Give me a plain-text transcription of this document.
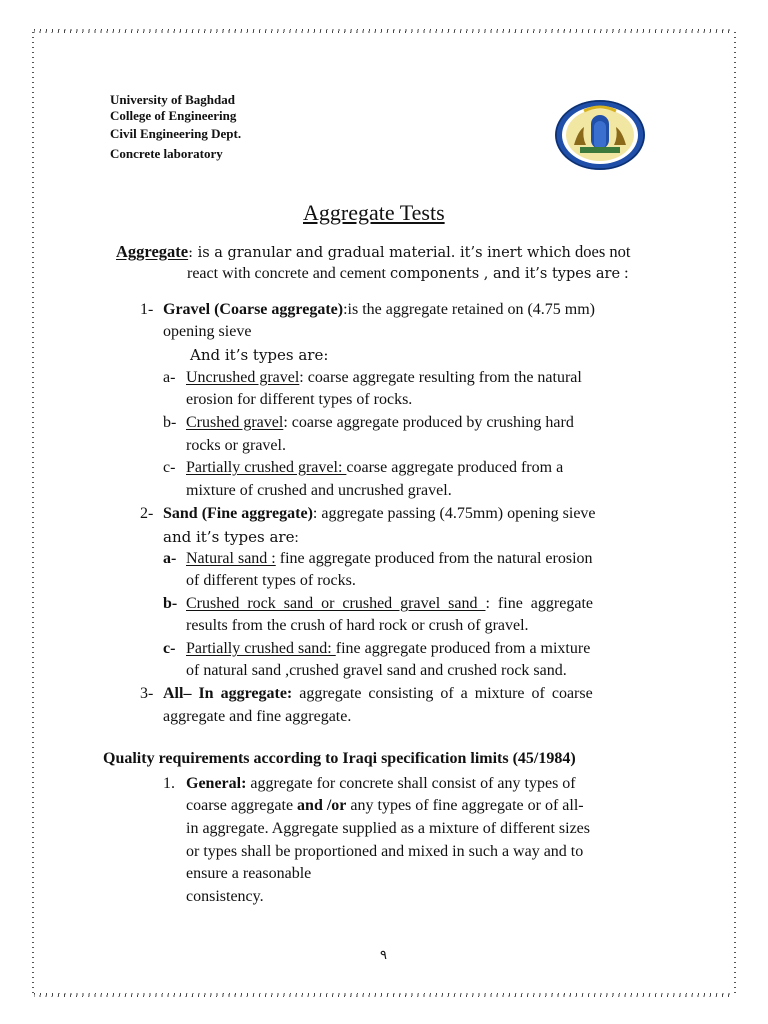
University of Baghdad
College of Engineering
Civil Engineering Dept.
Concrete laboratory
Aggregate Tests
Aggregate: is a granular and gradual material. it’s inert which does not
react with concrete and cement components , and it’s types are :
1- Gravel (Coarse aggregate):is the aggregate retained on (4.75 mm)
opening sieve
And it’s types are:
a- Uncrushed gravel: coarse aggregate resulting from the natural
erosion for different types of rocks.
b- Crushed gravel: coarse aggregate produced by crushing hard
rocks or gravel.
c- Partially crushed gravel: coarse aggregate produced from a
mixture of crushed and uncrushed gravel.
2- Sand (Fine aggregate): aggregate passing (4.75mm) opening sieve
and it’s types are:
a- Natural sand : fine aggregate produced from the natural erosion
of different types of rocks.
b- Crushed rock sand or crushed gravel sand : fine aggregate
results from the crush of hard rock or crush of gravel.
c- Partially crushed sand: fine aggregate produced from a mixture
of natural sand ,crushed gravel sand and crushed rock sand.
3- All– In aggregate: aggregate consisting of a mixture of coarse
aggregate and fine aggregate.
Quality requirements according to Iraqi specification limits (45/1984)
1. General: aggregate for concrete shall consist of any types of
coarse aggregate and /or any types of fine aggregate or of all-
in aggregate. Aggregate supplied as a mixture of different sizes
or types shall be proportioned and mixed in such a way and to
ensure a reasonable
consistency.
٩
